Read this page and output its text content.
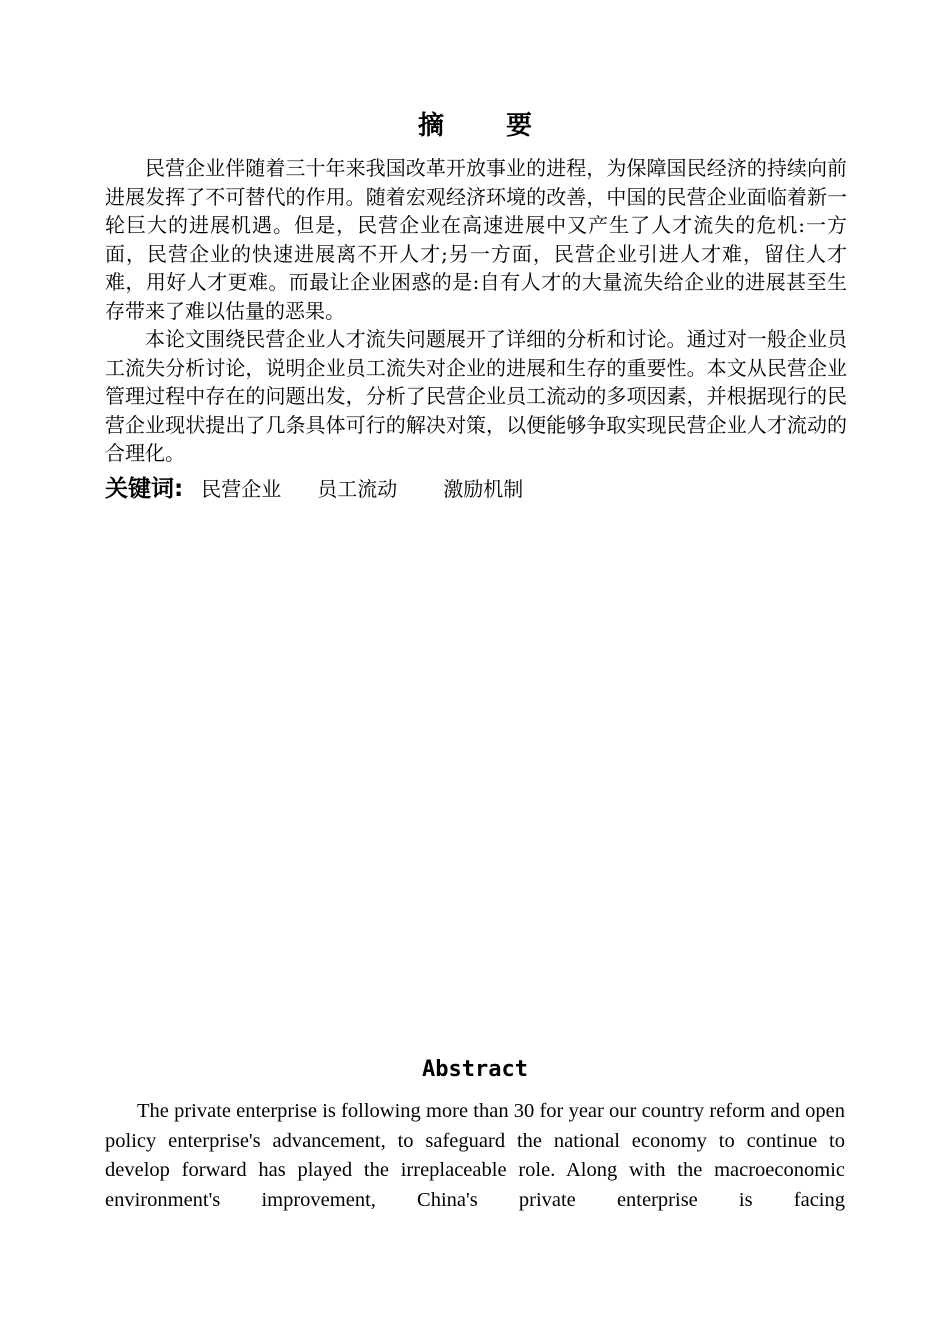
摘　要

民营企业伴随着三十年来我国改革开放事业的进程，为保障国民经济的持续向前进展发挥了不可替代的作用。随着宏观经济环境的改善，中国的民营企业面临着新一轮巨大的进展机遇。但是，民营企业在高速进展中又产生了人才流失的危机:一方面，民营企业的快速进展离不开人才;另一方面，民营企业引进人才难，留住人才难，用好人才更难。而最让企业困惑的是:自有人才的大量流失给企业的进展甚至生存带来了难以估量的恶果。

本论文围绕民营企业人才流失问题展开了详细的分析和讨论。通过对一般企业员工流失分析讨论，说明企业员工流失对企业的进展和生存的重要性。本文从民营企业管理过程中存在的问题出发，分析了民营企业员工流动的多项因素，并根据现行的民营企业现状提出了几条具体可行的解决对策，以便能够争取实现民营企业人才流动的合理化。

关键词: 民营企业 员工流动 激励机制
Abstract

The private enterprise is following more than 30 for year our country reform and open policy enterprise's advancement, to safeguard the national economy to continue to develop forward has played the irreplaceable role. Along with the macroeconomic environment's improvement, China's private enterprise is facing
